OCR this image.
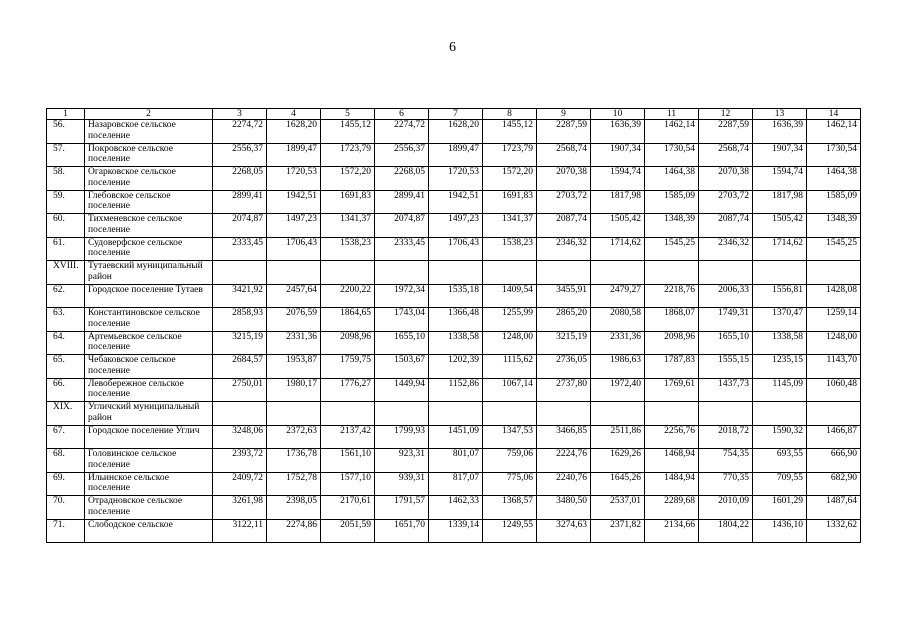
6
1	2	3	4	5	6	7	8	9	10	11	12	13	14
56.	Назаровское сельское поселение	2274,72	1628,20	1455,12	2274,72	1628,20	1455,12	2287,59	1636,39	1462,14	2287,59	1636,39	1462,14
57.	Покровское сельское поселение	2556,37	1899,47	1723,79	2556,37	1899,47	1723,79	2568,74	1907,34	1730,54	2568,74	1907,34	1730,54
58.	Огарковское сельское поселение	2268,05	1720,53	1572,20	2268,05	1720,53	1572,20	2070,38	1594,74	1464,38	2070,38	1594,74	1464,38
59.	Глебовское сельское поселение	2899,41	1942,51	1691,83	2899,41	1942,51	1691,83	2703,72	1817,98	1585,09	2703,72	1817,98	1585,09
60.	Тихменевское сельское поселение	2074,87	1497,23	1341,37	2074,87	1497,23	1341,37	2087,74	1505,42	1348,39	2087,74	1505,42	1348,39
61.	Судоверфское сельское поселение	2333,45	1706,43	1538,23	2333,45	1706,43	1538,23	2346,32	1714,62	1545,25	2346,32	1714,62	1545,25
XVIII.	Тутаевский муниципальный район												
62.	Городское поселение Тутаев	3421,92	2457,64	2200,22	1972,34	1535,18	1409,54	3455,91	2479,27	2218,76	2006,33	1556,81	1428,08
63.	Константиновское сельское поселение	2858,93	2076,59	1864,65	1743,04	1366,48	1255,99	2865,20	2080,58	1868,07	1749,31	1370,47	1259,14
64.	Артемьевское сельское поселение	3215,19	2331,36	2098,96	1655,10	1338,58	1248,00	3215,19	2331,36	2098,96	1655,10	1338,58	1248,00
65.	Чебаковское сельское поселение	2684,57	1953,87	1759,75	1503,67	1202,39	1115,62	2736,05	1986,63	1787,83	1555,15	1235,15	1143,70
66.	Левобережное сельское поселение	2750,01	1980,17	1776,27	1449,94	1152,86	1067,14	2737,80	1972,40	1769,61	1437,73	1145,09	1060,48
XIX.	Угличский муниципальный район												
67.	Городское поселение Углич	3248,06	2372,63	2137,42	1799,93	1451,09	1347,53	3466,85	2511,86	2256,76	2018,72	1590,32	1466,87
68.	Головинское сельское поселение	2393,72	1736,78	1561,10	923,31	801,07	759,06	2224,76	1629,26	1468,94	754,35	693,55	666,90
69.	Ильинское сельское поселение	2409,72	1752,78	1577,10	939,31	817,07	775,06	2240,76	1645,26	1484,94	770,35	709,55	682,90
70.	Отрадновское сельское поселение	3261,98	2398,05	2170,61	1791,57	1462,33	1368,57	3480,50	2537,01	2289,68	2010,09	1601,29	1487,64
71.	Слободское сельское	3122,11	2274,86	2051,59	1651,70	1339,14	1249,55	3274,63	2371,82	2134,66	1804,22	1436,10	1332,62
